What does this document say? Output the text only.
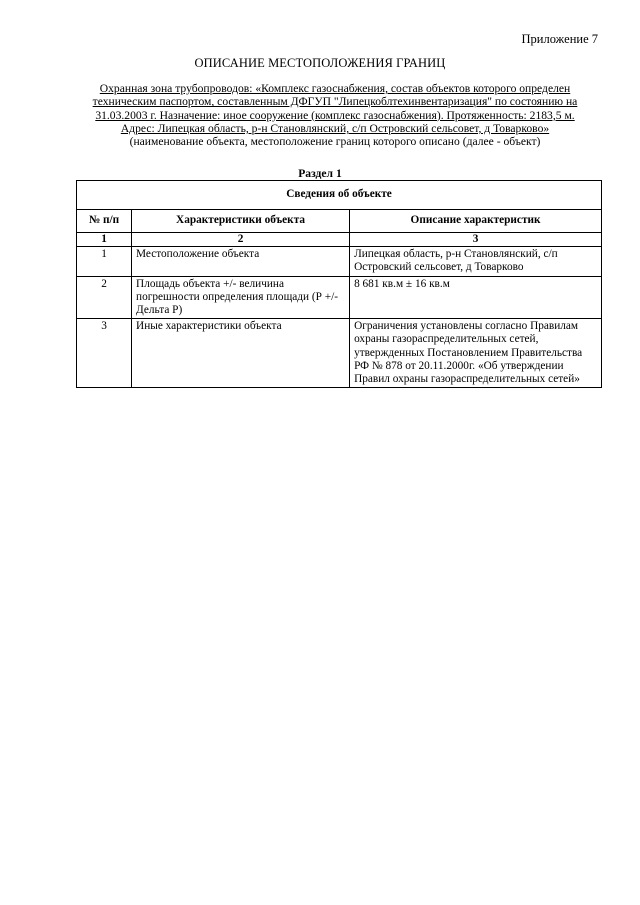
Приложение 7
ОПИСАНИЕ МЕСТОПОЛОЖЕНИЯ ГРАНИЦ
Охранная зона трубопроводов: «Комплекс газоснабжения, состав объектов которого определен
техническим паспортом, составленным ДФГУП "Липецкоблтехинвентаризация" по состоянию на
31.03.2003 г. Назначение: иное сооружение (комплекс газоснабжения). Протяженность: 2183,5 м.
Адрес: Липецкая область, р-н Становлянский, с/п Островский сельсовет, д Товарково»
(наименование объекта, местоположение границ которого описано (далее - объект)
Раздел 1
Сведения об объекте		
№ п/п	Характеристики объекта	Описание характеристик
1	2	3
1	Местоположение объекта	Липецкая область, р-н Становлянский, с/п Островский сельсовет, д Товарково
2	Площадь объекта +/- величина погрешности определения площади (Р +/- Дельта Р)	8 681 кв.м ± 16 кв.м
3	Иные характеристики объекта	Ограничения установлены согласно Правилам охраны газораспределительных сетей, утвержденных Постановлением Правительства РФ № 878 от 20.11.2000г. «Об утверждении Правил охраны газораспределительных сетей»
